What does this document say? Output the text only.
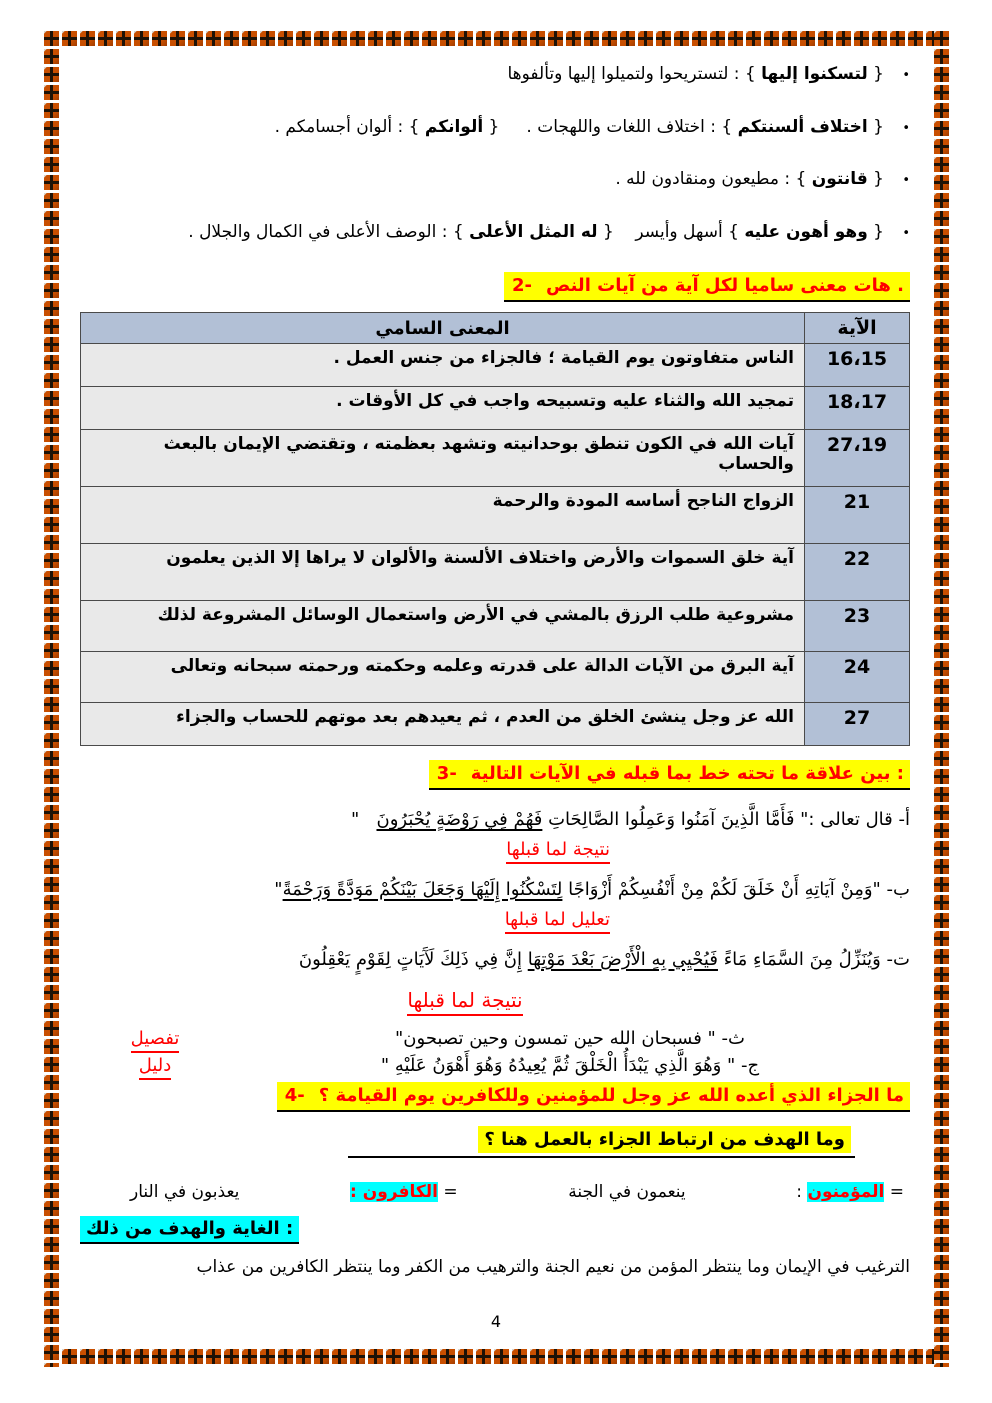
•
{ لتسكنوا إليها } : لتستريحوا ولتميلوا إليها وتألفوها
•
{ اختلاف ألسنتكم } : اختلاف اللغات واللهجات .     { ألوانكم } : ألوان أجسامكم .
•
{ قانتون } : مطيعون ومنقادون لله .
•
{ وهو أهون عليه } أسهل وأيسر    { له المثل الأعلى } : الوصف الأعلى في الكمال والجلال .
2- هات معنى ساميا لكل آية من آيات النص .
الآية	المعنى السامي
16،15	الناس متفاوتون يوم القيامة ؛ فالجزاء من جنس العمل .
18،17	تمجيد الله والثناء عليه وتسبيحه واجب في كل الأوقات .
27،19	آيات الله في الكون تنطق بوحدانيته وتشهد بعظمته ، وتقتضي الإيمان بالبعث والحساب
21	الزواج الناجح أساسه المودة والرحمة
22	آية خلق السموات والأرض واختلاف الألسنة والألوان لا يراها إلا الذين يعلمون
23	مشروعية طلب الرزق بالمشي في الأرض واستعمال الوسائل المشروعة لذلك
24	آية البرق من الآيات الدالة على قدرته وعلمه وحكمته ورحمته سبحانه وتعالى
27	الله عز وجل ينشئ الخلق من العدم ، ثم يعيدهم بعد موتهم للحساب والجزاء
3- بين علاقة ما تحته خط بما قبله في الآيات التالية :
أ- قال تعالى :" فَأَمَّا الَّذِينَ آمَنُوا وَعَمِلُوا الصَّالِحَاتِ فَهُمْ فِي رَوْضَةٍ يُحْبَرُونَ   "
نتيجة لما قبلها
ب- "وَمِنْ آيَاتِهِ أَنْ خَلَقَ لَكُمْ مِنْ أَنْفُسِكُمْ أَزْوَاجًا لِتَسْكُنُوا إِلَيْهَا وَجَعَلَ بَيْنَكُمْ مَوَدَّةً وَرَحْمَةً"
تعليل لما قبلها
ت- وَيُنَزِّلُ مِنَ السَّمَاءِ مَاءً فَيُحْيِي بِهِ الْأَرْضَ بَعْدَ مَوْتِهَا إِنَّ فِي ذَلِكَ لَآَيَاتٍ لِقَوْمٍ يَعْقِلُونَ
نتيجة لما قبلها
ث- " فسبحان الله حين تمسون وحين تصبحون"
تفصيل
ج- " وَهُوَ الَّذِي يَبْدَأُ الْخَلْقَ ثُمَّ يُعِيدُهُ وَهُوَ أَهْوَنُ عَلَيْهِ "
دليل
4- ما الجزاء الذي أعده الله عز وجل للمؤمنين وللكافرين يوم القيامة ؟
وما الهدف من ارتباط الجزاء بالعمل هنا ؟
= المؤمنون :
ينعمون في الجنة
= الكافرون :
يعذبون في النار
الغاية والهدف من ذلك :
الترغيب في الإيمان وما ينتظر المؤمن من نعيم الجنة والترهيب من الكفر وما ينتظر الكافرين من عذاب
4
